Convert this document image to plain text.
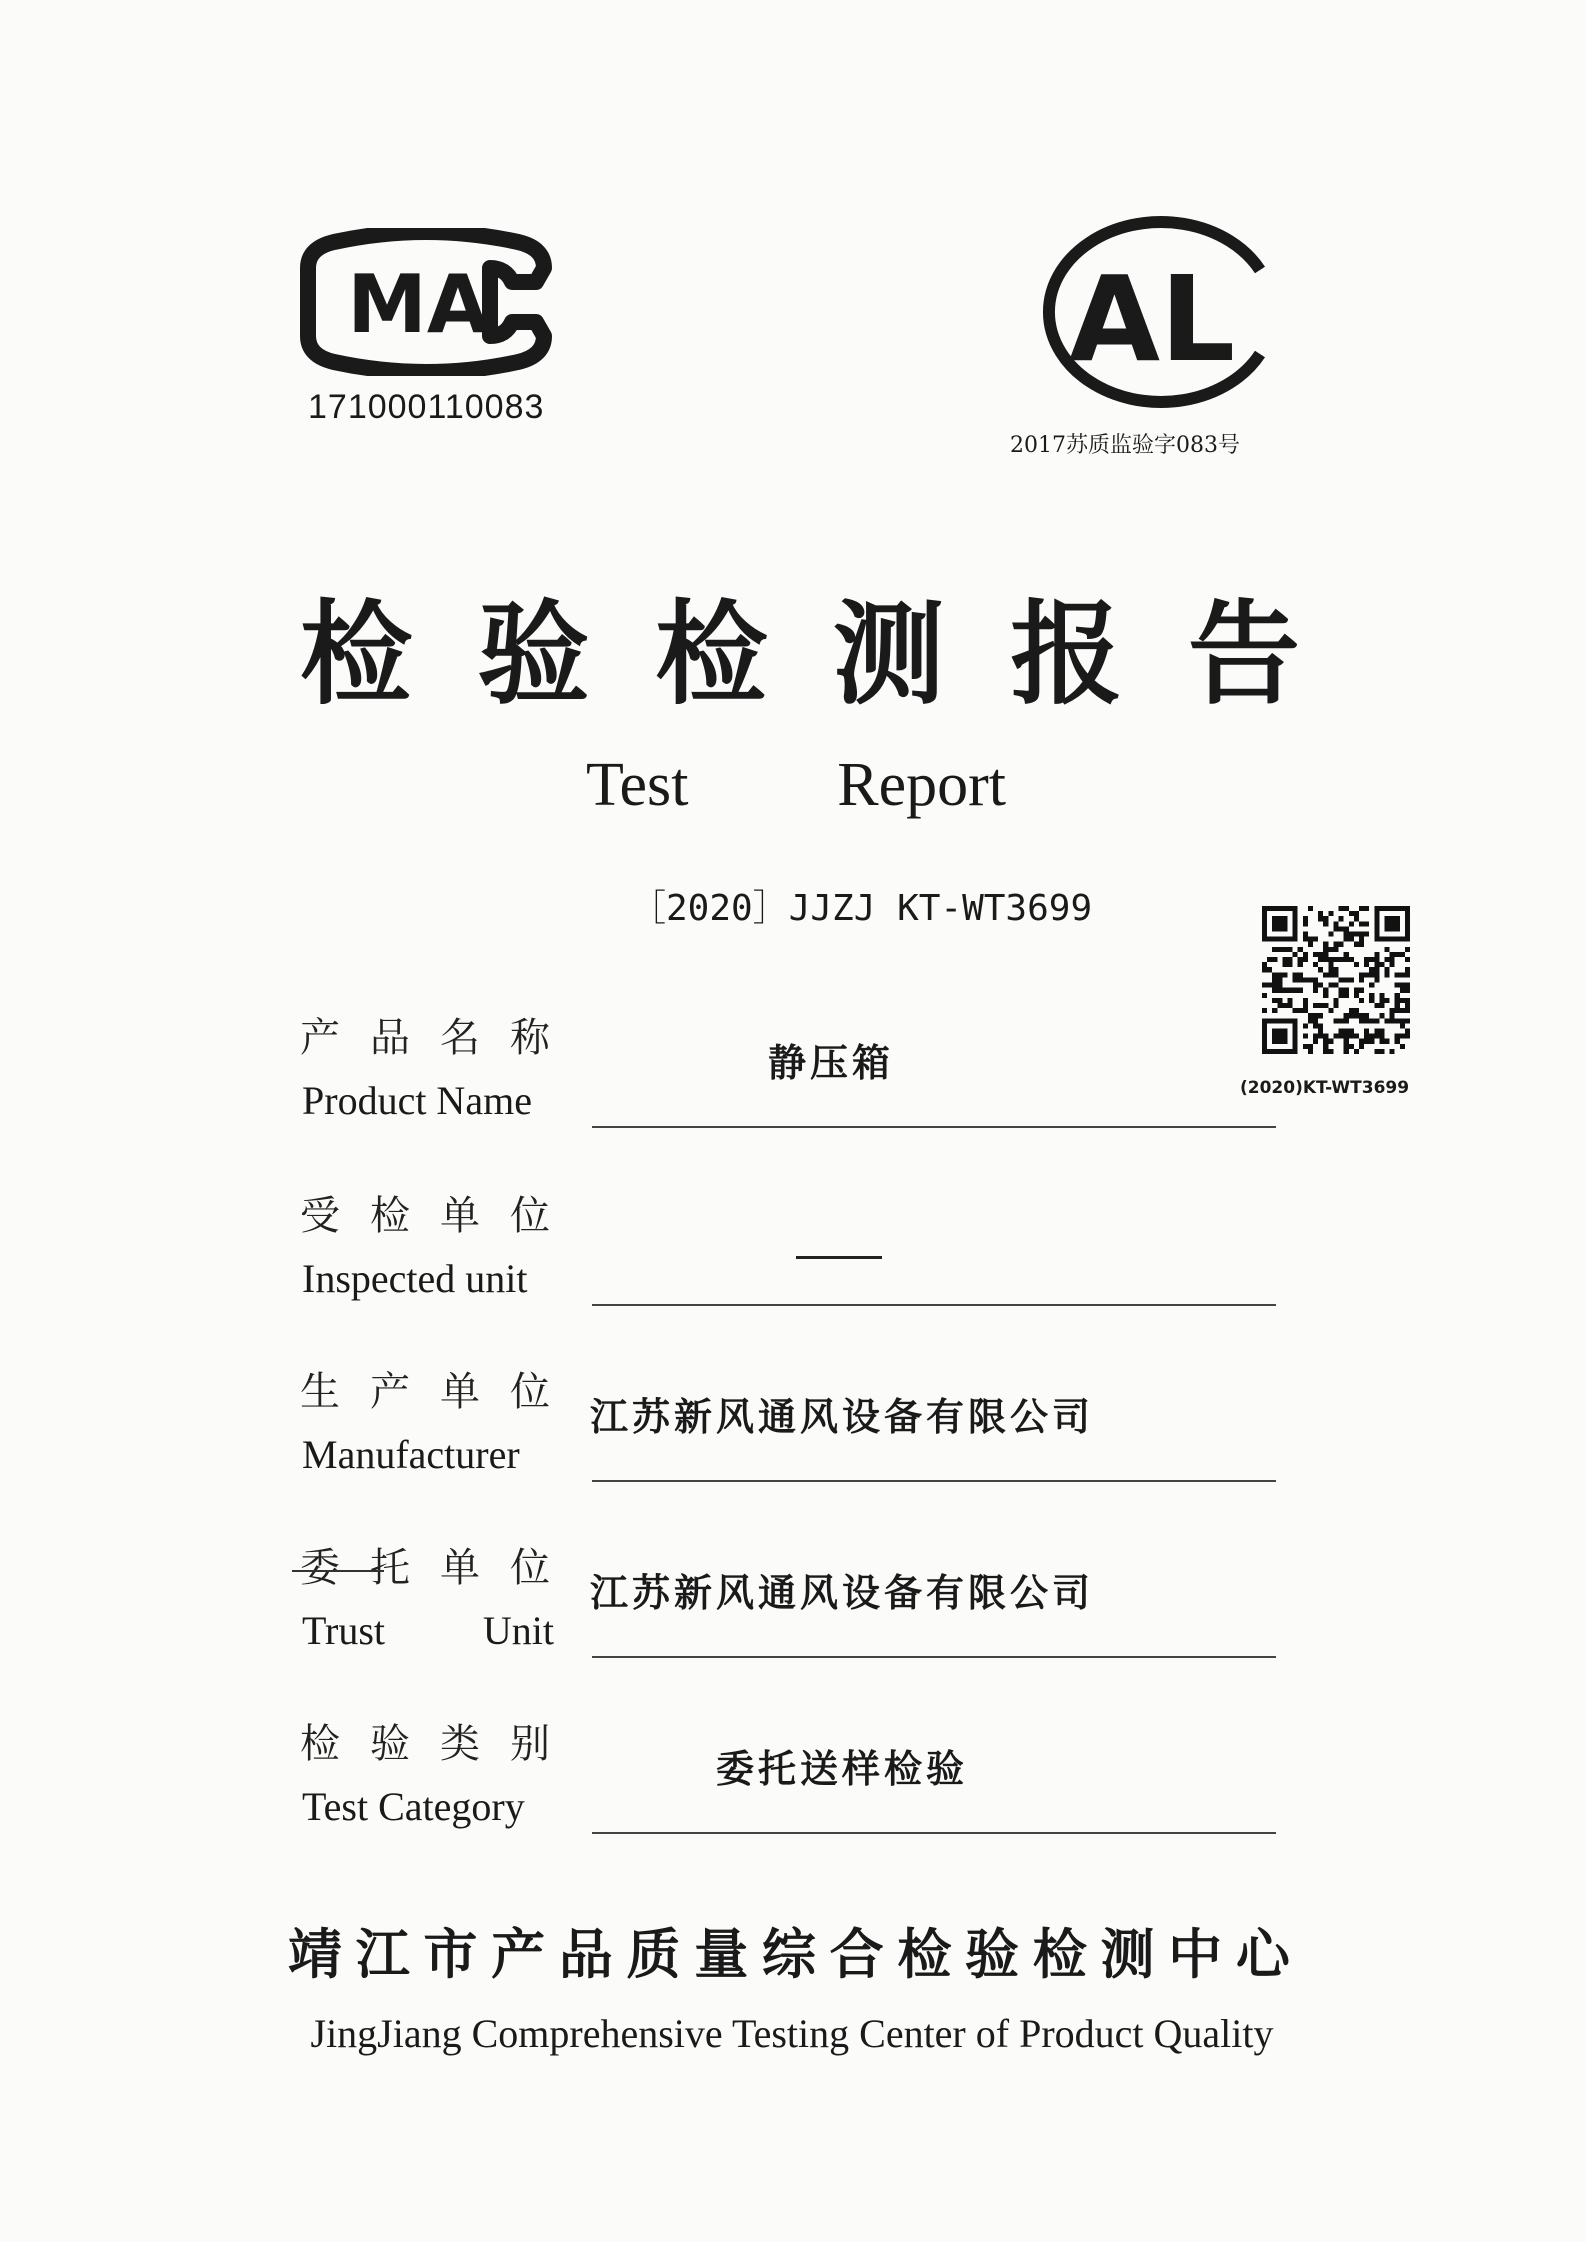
MA
171000110083
AL
2017苏质监验字083号
检 验 检 测 报 告
Test Report
［2020］JJZJ KT-WT3699
(2020)KT-WT3699
产 品 名 称
Product Name
静压箱
受 检 单 位
Inspected unit
生 产 单 位
Manufacturer
江苏新风通风设备有限公司
委 托 单 位
Trust Unit
江苏新风通风设备有限公司
检 验 类 别
Test Category
委托送样检验
靖 江 市 产 品 质 量 综 合 检 验 检 测 中 心
JingJiang Comprehensive Testing Center of Product Quality
